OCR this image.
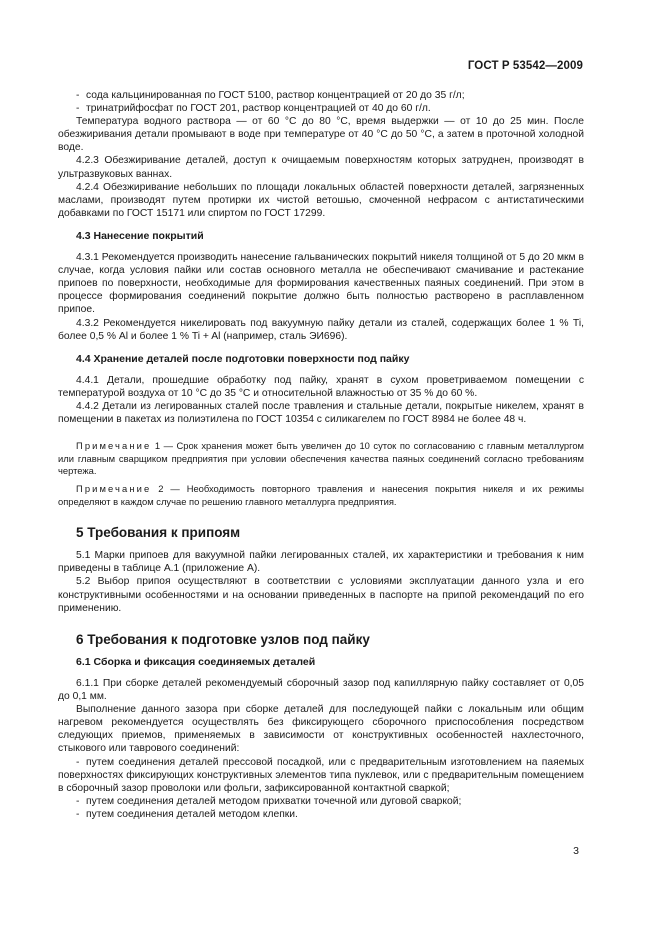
ГОСТ Р 53542—2009
- сода кальцинированная по ГОСТ 5100, раствор концентрацией от 20 до 35 г/л;
- тринатрийфосфат по ГОСТ 201, раствор концентрацией от 40 до 60 г/л.

Температура водного раствора — от 60 °С до 80 °С, время выдержки — от 10 до 25 мин. После обезжиривания детали промывают в воде при температуре от 40 °С до 50 °С, а затем в проточной холодной воде.

4.2.3 Обезжиривание деталей, доступ к очищаемым поверхностям которых затруднен, производят в ультразвуковых ваннах.

4.2.4 Обезжиривание небольших по площади локальных областей поверхности деталей, загрязненных маслами, производят путем протирки их чистой ветошью, смоченной нефрасом с антистатическими добавками по ГОСТ 15171 или спиртом по ГОСТ 17299.

4.3 Нанесение покрытий

4.3.1 Рекомендуется производить нанесение гальванических покрытий никеля толщиной от 5 до 20 мкм в случае, когда условия пайки или состав основного металла не обеспечивают смачивание и растекание припоев по поверхности, необходимые для формирования качественных паяных соединений. При этом в процессе формирования соединений покрытие должно быть полностью растворено в расплавленном припое.

4.3.2 Рекомендуется никелировать под вакуумную пайку детали из сталей, содержащих более 1 % Ti, более 0,5 % Al и более 1 % Ti + Al (например, сталь ЭИ696).

4.4 Хранение деталей после подготовки поверхности под пайку

4.4.1 Детали, прошедшие обработку под пайку, хранят в сухом проветриваемом помещении с температурой воздуха от 10 °С до 35 °С и относительной влажностью от 35 % до 60 %.

4.4.2 Детали из легированных сталей после травления и стальные детали, покрытые никелем, хранят в помещении в пакетах из полиэтилена по ГОСТ 10354 с силикагелем по ГОСТ 8984 не более 48 ч.

Примечание 1 — Срок хранения может быть увеличен до 10 суток по согласованию с главным металлургом или главным сварщиком предприятия при условии обеспечения качества паяных соединений согласно требованиям чертежа.

Примечание 2 — Необходимость повторного травления и нанесения покрытия никеля и их режимы определяют в каждом случае по решению главного металлурга предприятия.

5 Требования к припоям

5.1 Марки припоев для вакуумной пайки легированных сталей, их характеристики и требования к ним приведены в таблице А.1 (приложение А).

5.2 Выбор припоя осуществляют в соответствии с условиями эксплуатации данного узла и его конструктивными особенностями и на основании приведенных в паспорте на припой рекомендаций по его применению.

6 Требования к подготовке узлов под пайку
6.1 Сборка и фиксация соединяемых деталей

6.1.1 При сборке деталей рекомендуемый сборочный зазор под капиллярную пайку составляет от 0,05 до 0,1 мм.

Выполнение данного зазора при сборке деталей для последующей пайки с локальным или общим нагревом рекомендуется осуществлять без фиксирующего сборочного приспособления посредством следующих приемов, применяемых в зависимости от конструктивных особенностей нахлесточного, стыкового или таврового соединений:

- путем соединения деталей прессовой посадкой, или с предварительным изготовлением на паяемых поверхностях фиксирующих конструктивных элементов типа пуклевок, или с предварительным помещением в сборочный зазор проволоки или фольги, зафиксированной контактной сваркой;
- путем соединения деталей методом прихватки точечной или дуговой сваркой;
- путем соединения деталей методом клепки.
3
